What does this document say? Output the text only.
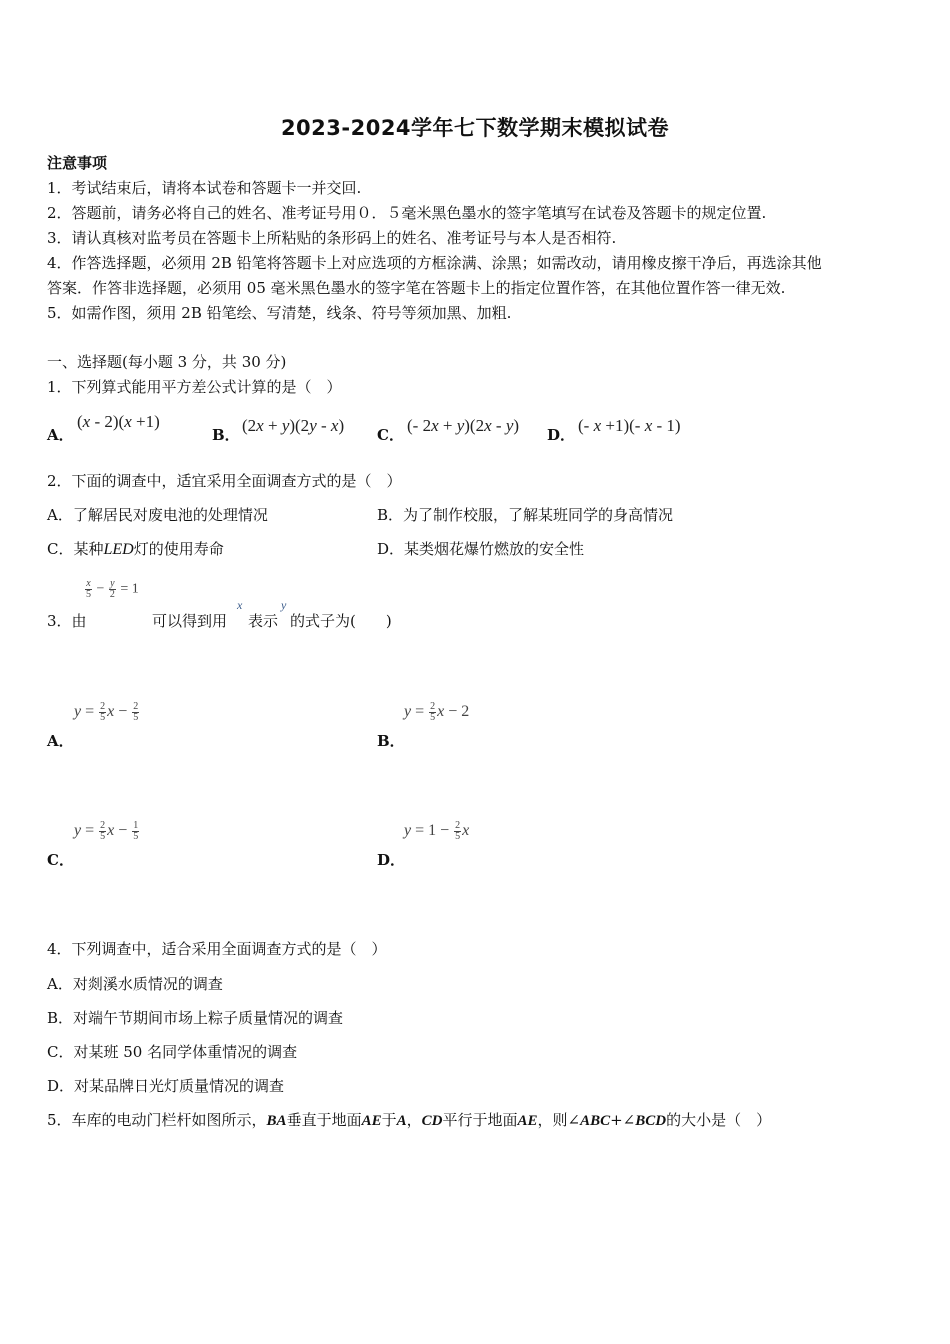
2023-2024学年七下数学期末模拟试卷
注意事项
1．考试结束后，请将本试卷和答题卡一并交回.
2．答题前，请务必将自己的姓名、准考证号用０．５毫米黑色墨水的签字笔填写在试卷及答题卡的规定位置.
3．请认真核对监考员在答题卡上所粘贴的条形码上的姓名、准考证号与本人是否相符.
4．作答选择题，必须用 2B 铅笔将答题卡上对应选项的方框涂满、涂黑；如需改动，请用橡皮擦干净后，再选涂其他
答案．作答非选择题，必须用 05 毫米黑色墨水的签字笔在答题卡上的指定位置作答，在其他位置作答一律无效.
5．如需作图，须用 2B 铅笔绘、写清楚，线条、符号等须加黑、加粗.
一、选择题(每小题 3 分，共 30 分)
1．下列算式能用平方差公式计算的是（　）
A．
(x - 2)(x +1)
B． (2x + y)(2y - x) C． (- 2x + y)(2x - y) D． (- x +1)(- x - 1)
2．下面的调查中，适宜采用全面调查方式的是（　）
A．了解居民对废电池的处理情况	B．为了制作校服，了解某班同学的身高情况
C．某种LED灯的使用寿命	D．某类烟花爆竹燃放的安全性
$\frac{x}{5} - \frac{y}{2} = 1$
3．由	可以得到用
x
表示
y
的式子为(　　)
$y = \frac{2}{5}$ $x - \frac{2}{5}$
A．
$y = \frac{2}{5}$ x − 2
B．
$y = \frac{2}{5}$ $x - \frac{1}{5}$
C．
$y = 1 - \frac{2}{5}$ x
D．
4．下列调查中，适合采用全面调查方式的是（　）
A．对剡溪水质情况的调查
B．对端午节期间市场上粽子质量情况的调查
C．对某班 50 名同学体重情况的调查
D．对某品牌日光灯质量情况的调查
5．车库的电动门栏杆如图所示，BA垂直于地面AE于A，CD平行于地面AE，则∠ABC+∠BCD的大小是（　）
